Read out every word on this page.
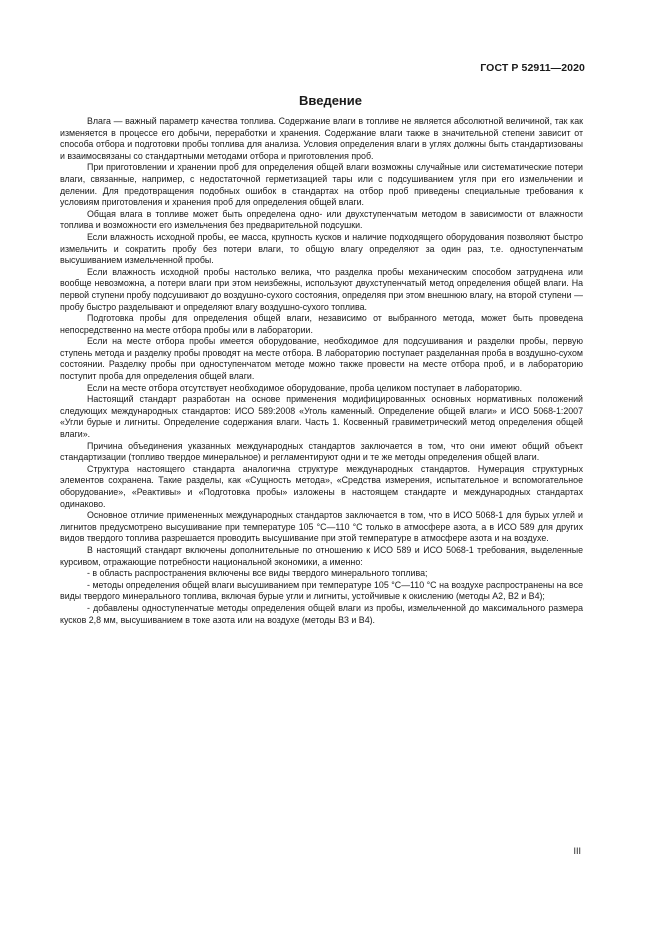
ГОСТ Р 52911—2020
Введение

Влага — важный параметр качества топлива. Содержание влаги в топливе не является абсолютной величиной, так как изменяется в процессе его добычи, переработки и хранения. Содержание влаги также в значительной степени зависит от способа отбора и подготовки пробы топлива для анализа. Условия определения влаги в углях должны быть стандартизованы и взаимосвязаны со стандартными методами отбора и приготовления проб.

При приготовлении и хранении проб для определения общей влаги возможны случайные или систематические потери влаги, связанные, например, с недостаточной герметизацией тары или с подсушиванием угля при его измельчении и делении. Для предотвращения подобных ошибок в стандартах на отбор проб приведены специальные требования к условиям приготовления и хранения проб для определения общей влаги.

Общая влага в топливе может быть определена одно- или двухступенчатым методом в зависимости от влажности топлива и возможности его измельчения без предварительной подсушки.

Если влажность исходной пробы, ее масса, крупность кусков и наличие подходящего оборудования позволяют быстро измельчить и сократить пробу без потери влаги, то общую влагу определяют за один раз, т.е. одноступенчатым высушиванием измельченной пробы.

Если влажность исходной пробы настолько велика, что разделка пробы механическим способом затруднена или вообще невозможна, а потери влаги при этом неизбежны, используют двухступенчатый метод определения общей влаги. На первой ступени пробу подсушивают до воздушно-сухого состояния, определяя при этом внешнюю влагу, на второй ступени — пробу быстро разделывают и определяют влагу воздушно-сухого топлива.

Подготовка пробы для определения общей влаги, независимо от выбранного метода, может быть проведена непосредственно на месте отбора пробы или в лаборатории.

Если на месте отбора пробы имеется оборудование, необходимое для подсушивания и разделки пробы, первую ступень метода и разделку пробы проводят на месте отбора. В лабораторию поступает разделанная проба в воздушно-сухом состоянии. Разделку пробы при одноступенчатом методе можно также провести на месте отбора проб, и в лабораторию поступит проба для определения общей влаги.

Если на месте отбора отсутствует необходимое оборудование, проба целиком поступает в лабораторию.

Настоящий стандарт разработан на основе применения модифицированных основных нормативных положений следующих международных стандартов: ИСО 589:2008 «Уголь каменный. Определение общей влаги» и ИСО 5068-1:2007 «Угли бурые и лигниты. Определение содержания влаги. Часть 1. Косвенный гравиметрический метод определения общей влаги».

Причина объединения указанных международных стандартов заключается в том, что они имеют общий объект стандартизации (топливо твердое минеральное) и регламентируют одни и те же методы определения общей влаги.

Структура настоящего стандарта аналогична структуре международных стандартов. Нумерация структурных элементов сохранена. Такие разделы, как «Сущность метода», «Средства измерения, испытательное и вспомогательное оборудование», «Реактивы» и «Подготовка пробы» изложены в настоящем стандарте и международных стандартах одинаково.

Основное отличие примененных международных стандартов заключается в том, что в ИСО 5068-1 для бурых углей и лигнитов предусмотрено высушивание при температуре 105 °С—110 °С только в атмосфере азота, а в ИСО 589 для других видов твердого топлива разрешается проводить высушивание при этой температуре в атмосфере азота и на воздухе.

В настоящий стандарт включены дополнительные по отношению к ИСО 589 и ИСО 5068-1 требования, выделенные курсивом, отражающие потребности национальной экономики, а именно:

- в область распространения включены все виды твердого минерального топлива;

- методы определения общей влаги высушиванием при температуре 105 °С—110 °С на воздухе распространены на все виды твердого минерального топлива, включая бурые угли и лигниты, устойчивые к окислению (методы А2, В2 и В4);

- добавлены одноступенчатые методы определения общей влаги из пробы, измельченной до максимального размера кусков 2,8 мм, высушиванием в токе азота или на воздухе (методы В3 и В4).

III
